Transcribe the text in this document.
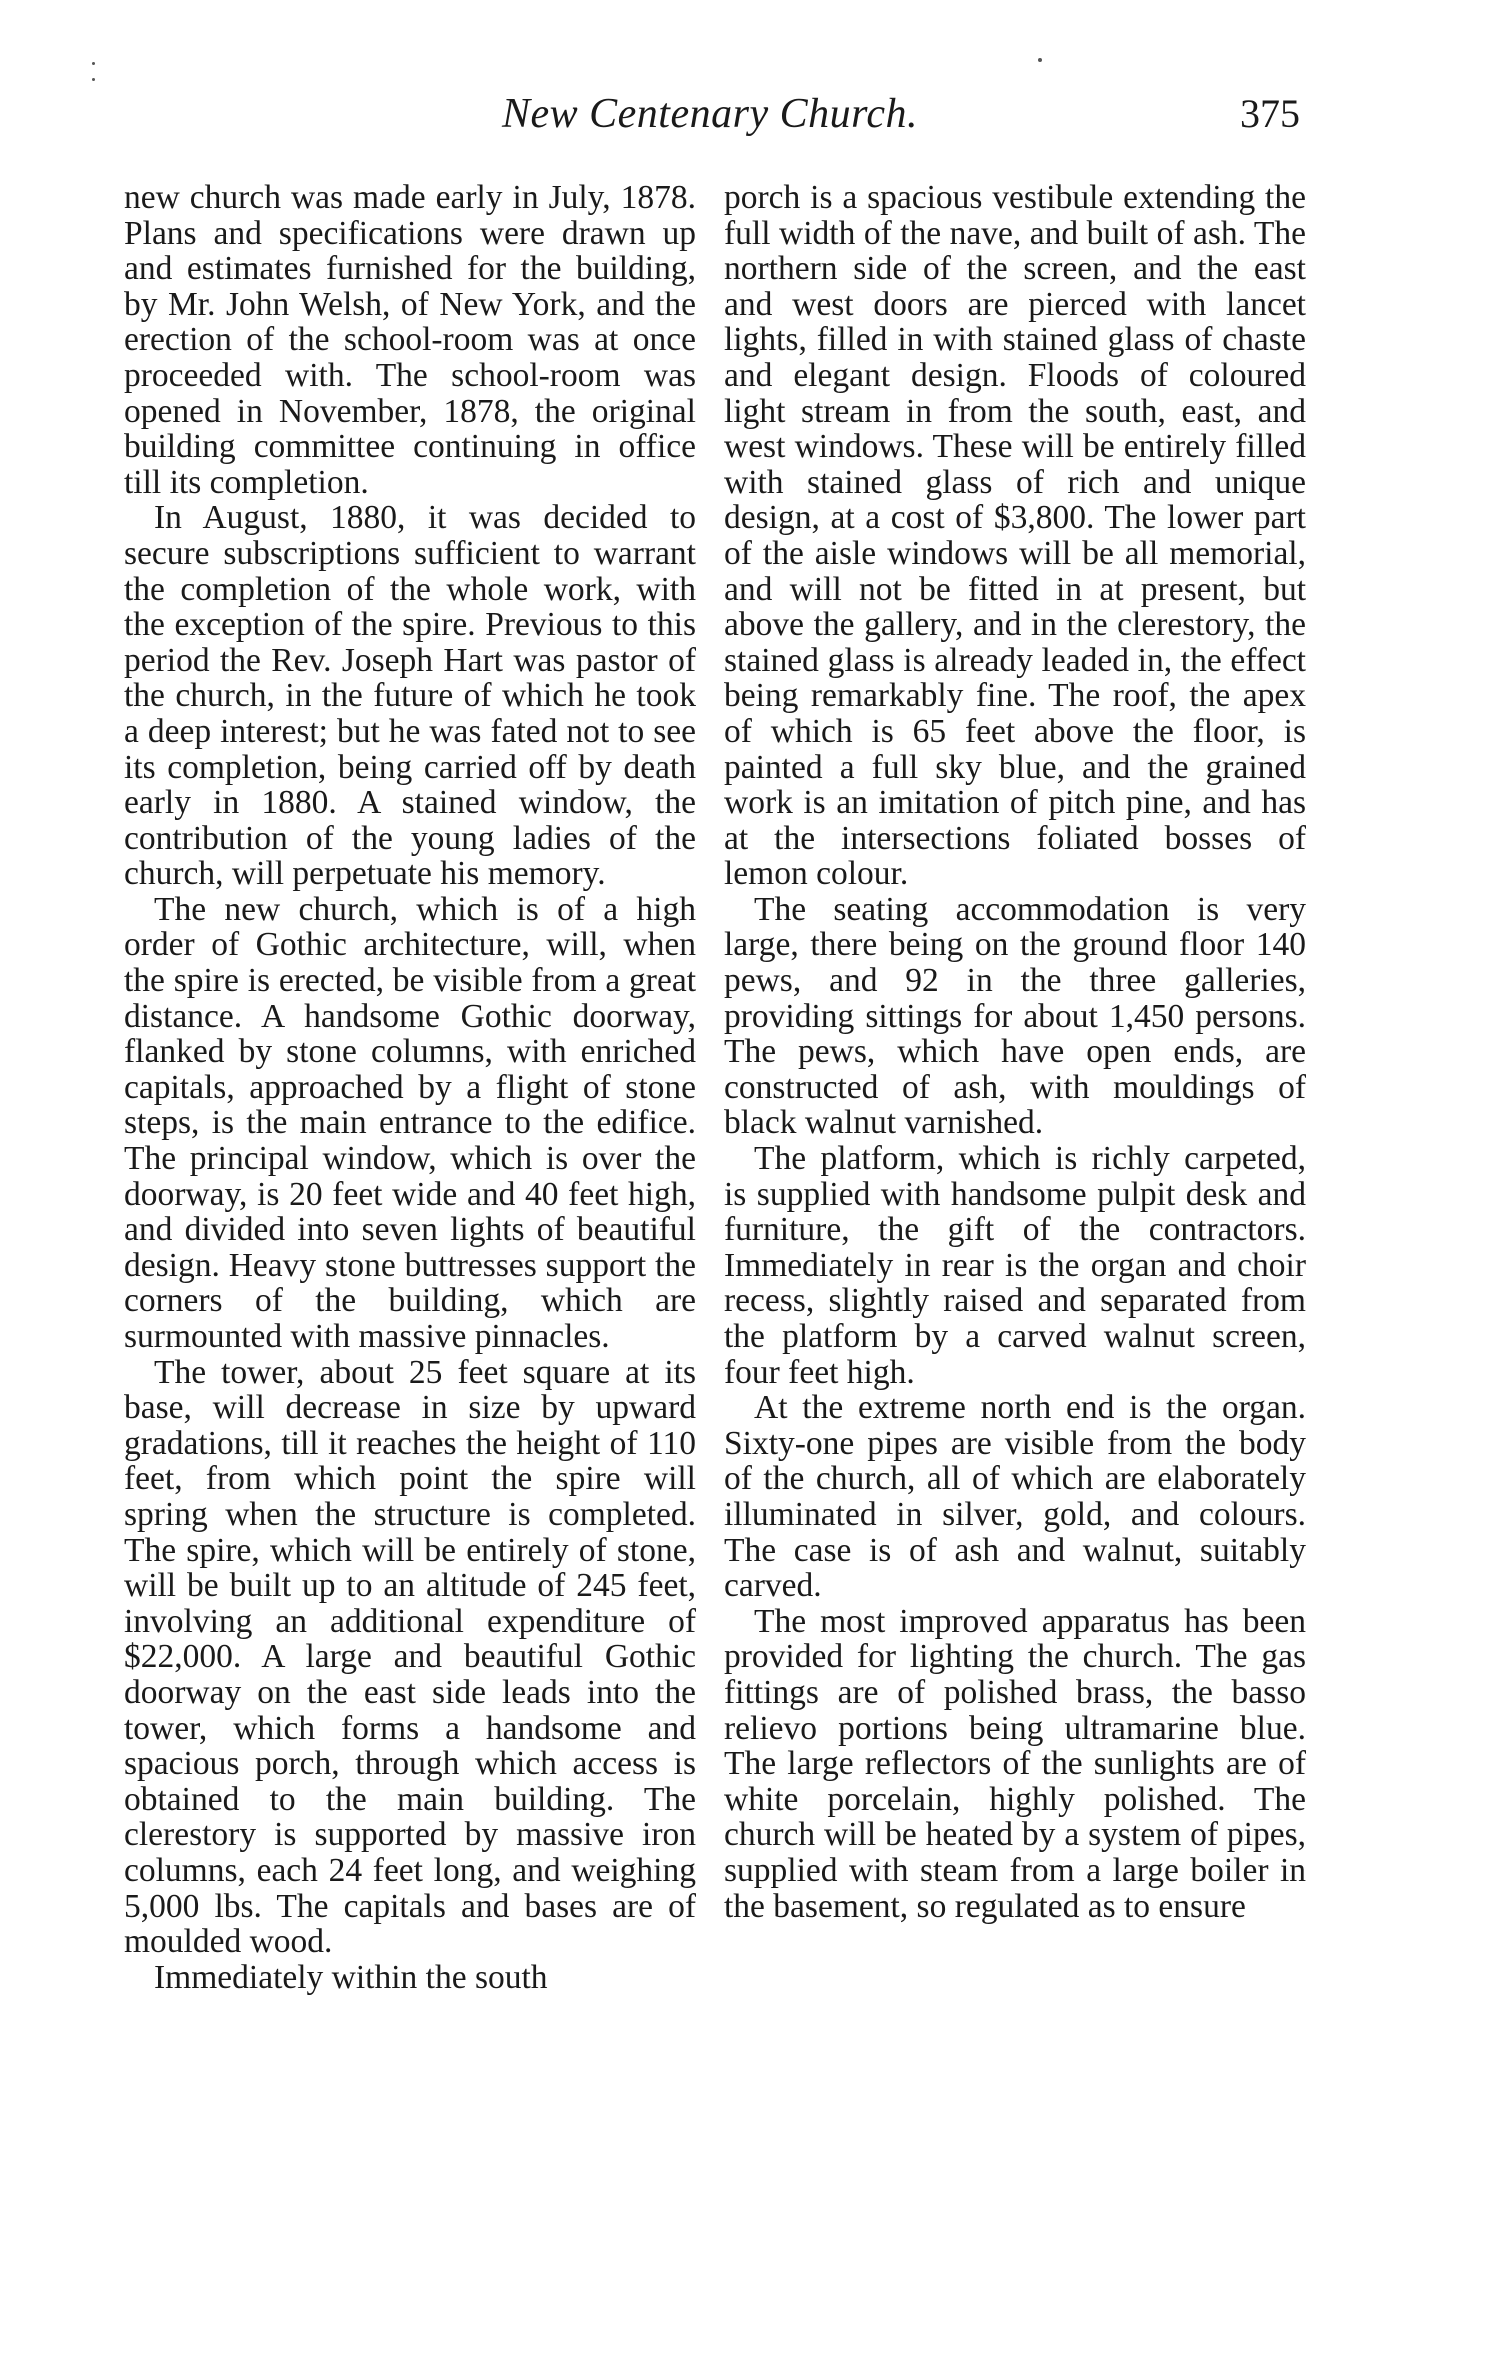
New Centenary Church.	375

new church was made early in July, 1878. Plans and specifications were drawn up and estimates furnished for the building, by Mr. John Welsh, of New York, and the erection of the school-room was at once proceeded with. The school-room was opened in November, 1878, the original building committee continuing in office till its completion.

In August, 1880, it was decided to secure subscriptions sufficient to warrant the completion of the whole work, with the exception of the spire. Previous to this period the Rev. Joseph Hart was pastor of the church, in the future of which he took a deep interest; but he was fated not to see its completion, being carried off by death early in 1880. A stained window, the contribution of the young ladies of the church, will perpetuate his memory.

The new church, which is of a high order of Gothic architecture, will, when the spire is erected, be visible from a great distance. A handsome Gothic doorway, flanked by stone columns, with enriched capitals, approached by a flight of stone steps, is the main entrance to the edifice. The principal window, which is over the doorway, is 20 feet wide and 40 feet high, and divided into seven lights of beautiful design. Heavy stone buttresses support the corners of the building, which are surmounted with massive pinnacles.

The tower, about 25 feet square at its base, will decrease in size by upward gradations, till it reaches the height of 110 feet, from which point the spire will spring when the structure is completed. The spire, which will be entirely of stone, will be built up to an altitude of 245 feet, involving an additional expenditure of $22,000. A large and beautiful Gothic doorway on the east side leads into the tower, which forms a handsome and spacious porch, through which access is obtained to the main building. The clerestory is supported by massive iron columns, each 24 feet long, and weighing 5,000 lbs. The capitals and bases are of moulded wood.

Immediately within the south

porch is a spacious vestibule extending the full width of the nave, and built of ash. The northern side of the screen, and the east and west doors are pierced with lancet lights, filled in with stained glass of chaste and elegant design. Floods of coloured light stream in from the south, east, and west windows. These will be entirely filled with stained glass of rich and unique design, at a cost of $3,800. The lower part of the aisle windows will be all memorial, and will not be fitted in at present, but above the gallery, and in the clerestory, the stained glass is already leaded in, the effect being remarkably fine. The roof, the apex of which is 65 feet above the floor, is painted a full sky blue, and the grained work is an imitation of pitch pine, and has at the intersections foliated bosses of lemon colour.

The seating accommodation is very large, there being on the ground floor 140 pews, and 92 in the three galleries, providing sittings for about 1,450 persons. The pews, which have open ends, are constructed of ash, with mouldings of black walnut varnished.

The platform, which is richly carpeted, is supplied with handsome pulpit desk and furniture, the gift of the contractors. Immediately in rear is the organ and choir recess, slightly raised and separated from the platform by a carved walnut screen, four feet high.

At the extreme north end is the organ. Sixty-one pipes are visible from the body of the church, all of which are elaborately illuminated in silver, gold, and colours. The case is of ash and walnut, suitably carved.

The most improved apparatus has been provided for lighting the church. The gas fittings are of polished brass, the basso relievo portions being ultramarine blue. The large reflectors of the sunlights are of white porcelain, highly polished. The church will be heated by a system of pipes, supplied with steam from a large boiler in the basement, so regulated as to ensure
